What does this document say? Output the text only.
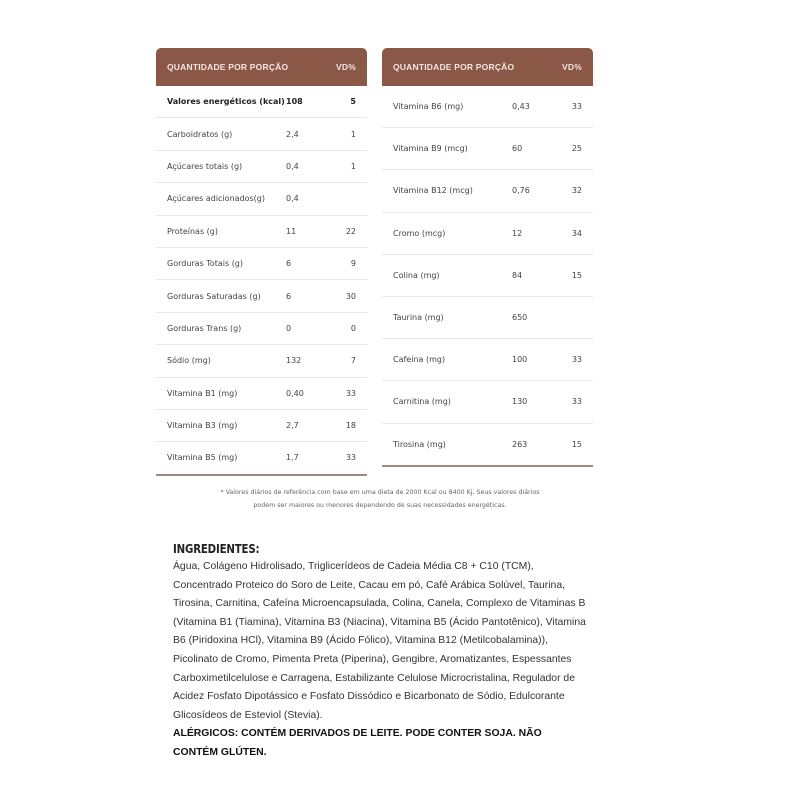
QUANTIDADE POR PORÇÃO	VD%
Valores energéticos (kcal) 108	5
Carboidratos (g)	2,4	1
Açúcares totais (g)	0,4	1
Açúcares adicionados(g)	0,4
Proteínas (g)	11	22
Gorduras Totais (g)	6	9
Gorduras Saturadas (g)	6	30
Gorduras Trans (g)	0	0
Sódio (mg)	132	7
Vitamina B1 (mg)	0,40	33
Vitamina B3 (mg)	2,7	18
Vitamina B5 (mg)	1,7	33
QUANTIDADE POR PORÇÃO	VD%
Vitamina B6 (mg)	0,43	33
Vitamina B9 (mcg)	60	25
Vitamina B12 (mcg)	0,76	32
Cromo (mcg)	12	34
Colina (mg)	84	15
Taurina (mg)	650
Cafeína (mg)	100	33
Carnitina (mg)	130	33
Tirosina (mg)	263	15
* Valores diários de referência com base em uma dieta de 2000 Kcal ou 8400 Kj. Seus valores diários
podem ser maiores ou menores dependendo de suas necessidades energéticas.
INGREDIENTES:
Água, Colágeno Hidrolisado, Triglicerídeos de Cadeia Média C8 + C10 (TCM), Concentrado Proteico do Soro de Leite, Cacau em pó, Café Arábica Solúvel, Taurina, Tirosina, Carnitina, Cafeína Microencapsulada, Colina, Canela, Complexo de Vitaminas B (Vitamina B1 (Tiamina), Vitamina B3 (Niacina), Vitamina B5 (Ácido Pantotênico), Vitamina B6 (Piridoxina HCl), Vitamina B9 (Ácido Fólico), Vitamina B12 (Metilcobalamina)), Picolinato de Cromo, Pimenta Preta (Piperina), Gengibre, Aromatizantes, Espessantes Carboximetilcelulose e Carragena, Estabilizante Celulose Microcristalina, Regulador de Acidez Fosfato Dipotássico e Fosfato Dissódico e Bicarbonato de Sódio, Edulcorante Glicosídeos de Esteviol (Stevia).
ALÉRGICOS: CONTÉM DERIVADOS DE LEITE. PODE CONTER SOJA. NÃO CONTÉM GLÚTEN.
